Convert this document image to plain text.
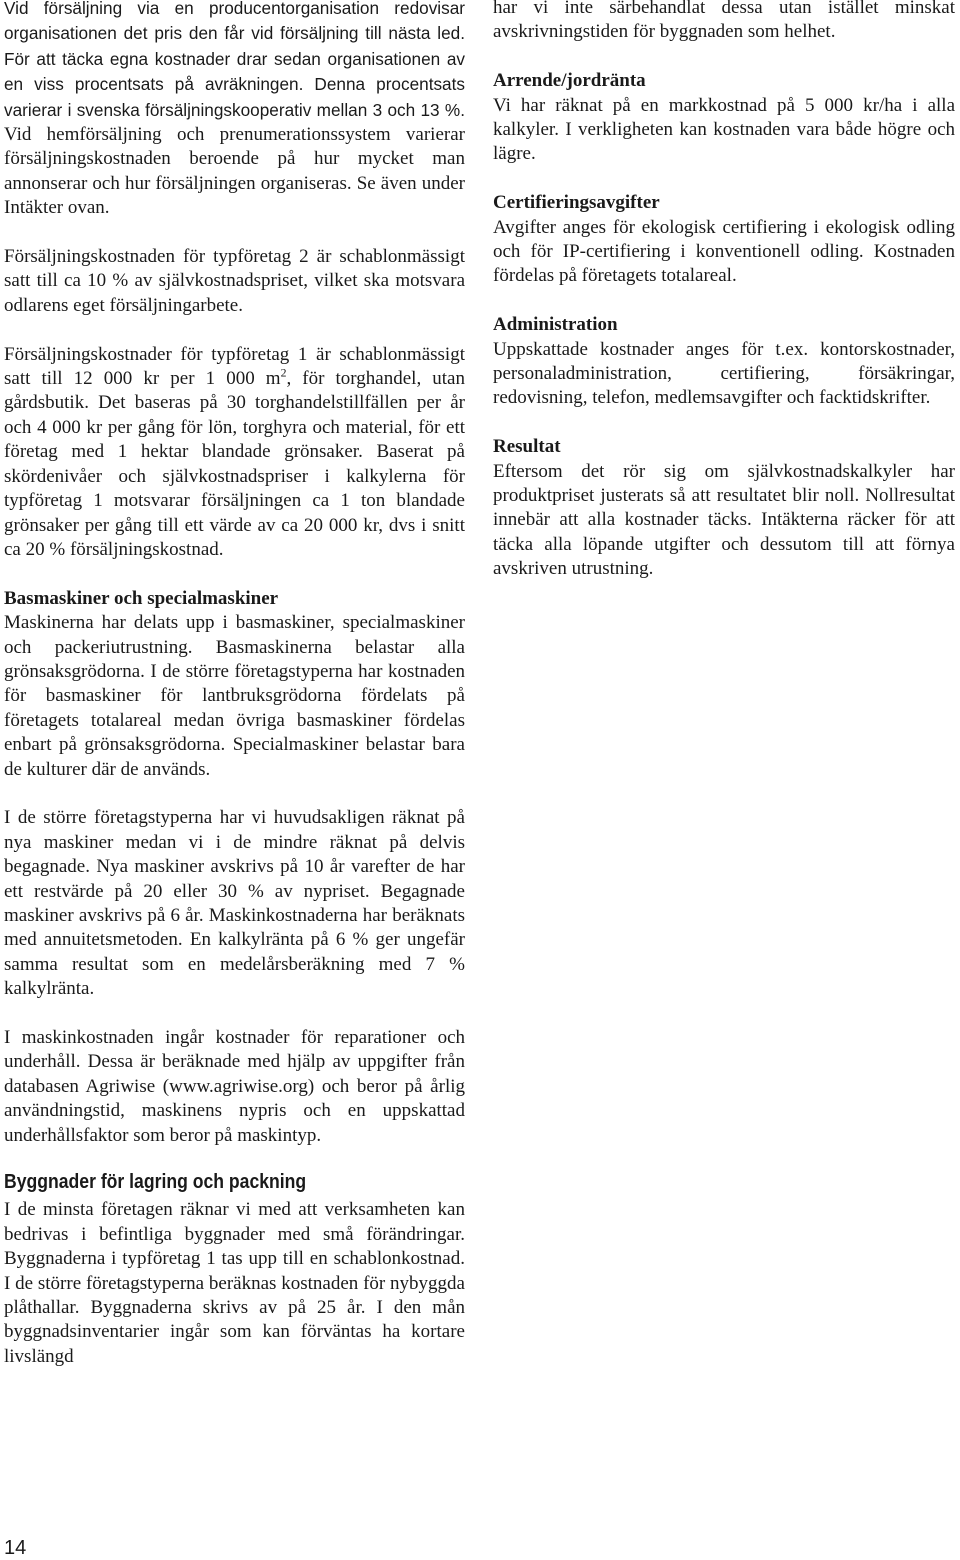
Vid försäljning via en producentorganisation redovisar organisationen det pris den får vid försäljning till nästa led. För att täcka egna kostnader drar sedan organisationen av en viss procentsats på avräkningen. Denna procentsats varierar i svenska försäljningskooperativ mellan 3 och 13 %. Vid hemförsäljning och prenumerationssystem varierar försäljningskostnaden beroende på hur mycket man annonserar och hur försäljningen organiseras. Se även under Intäkter ovan.

Försäljningskostnaden för typföretag 2 är schablonmässigt satt till ca 10 % av självkostnadspriset, vilket ska motsvara odlarens eget försäljningarbete.

Försäljningskostnader för typföretag 1 är schablonmässigt satt till 12 000 kr per 1 000 $m^2$, för torghandel, utan gårdsbutik. Det baseras på 30 torghandelstillfällen per år och 4 000 kr per gång för lön, torghyra och material, för ett företag med 1 hektar blandade grönsaker. Baserat på skördenivåer och självkostnadspriser i kalkylerna för typföretag 1 motsvarar försäljningen ca 1 ton blandade grönsaker per gång till ett värde av ca 20 000 kr, dvs i snitt ca 20 % försäljningskostnad.

Basmaskiner och specialmaskiner
Maskinerna har delats upp i basmaskiner, specialmaskiner och packeriutrustning. Basmaskinerna belastar alla grönsaksgrödorna. I de större företagstyperna har kostnaden för basmaskiner för lantbruksgrödorna fördelats på företagets totalareal medan övriga basmaskiner fördelas enbart på grönsaksgrödorna. Specialmaskiner belastar bara de kulturer där de används.

I de större företagstyperna har vi huvudsakligen räknat på nya maskiner medan vi i de mindre räknat på delvis begagnade. Nya maskiner avskrivs på 10 år varefter de har ett restvärde på 20 eller 30 % av nypriset. Begagnade maskiner avskrivs på 6 år. Maskinkostnaderna har beräknats med annuitetsmetoden. En kalkylränta på 6 % ger ungefär samma resultat som en medelårsberäkning med 7 % kalkylränta.

I maskinkostnaden ingår kostnader för reparationer och underhåll. Dessa är beräknade med hjälp av uppgifter från databasen Agriwise (www.agriwise.org) och beror på årlig användningstid, maskinens nypris och en uppskattad underhållsfaktor som beror på maskintyp.

Byggnader för lagring och packning

I de minsta företagen räknar vi med att verksamheten kan bedrivas i befintliga byggnader med små förändringar. Byggnaderna i typföretag 1 tas upp till en schablonkostnad. I de större företagstyperna beräknas kostnaden för nybyggda plåthallar. Byggnaderna skrivs av på 25 år. I den mån byggnadsinventarier ingår som kan förväntas ha kortare livslängd

har vi inte särbehandlat dessa utan istället minskat avskrivningstiden för byggnaden som helhet.

Arrende/jordränta
Vi har räknat på en markkostnad på 5 000 kr/ha i alla kalkyler. I verkligheten kan kostnaden vara både högre och lägre.
Certifieringsavgifter
Avgifter anges för ekologisk certifiering i ekologisk odling och för IP-certifiering i konventionell odling. Kostnaden fördelas på företagets totalareal.
Administration
Uppskattade kostnader anges för t.ex. kontorskostnader, personaladministration, certifiering, försäkringar, redovisning, telefon, medlemsavgifter och facktidskrifter.
Resultat
Eftersom det rör sig om självkostnadskalkyler har produktpriset justerats så att resultatet blir noll. Nollresultat innebär att alla kostnader täcks. Intäkterna räcker för att täcka alla löpande utgifter och dessutom till att förnya avskriven utrustning.
14
